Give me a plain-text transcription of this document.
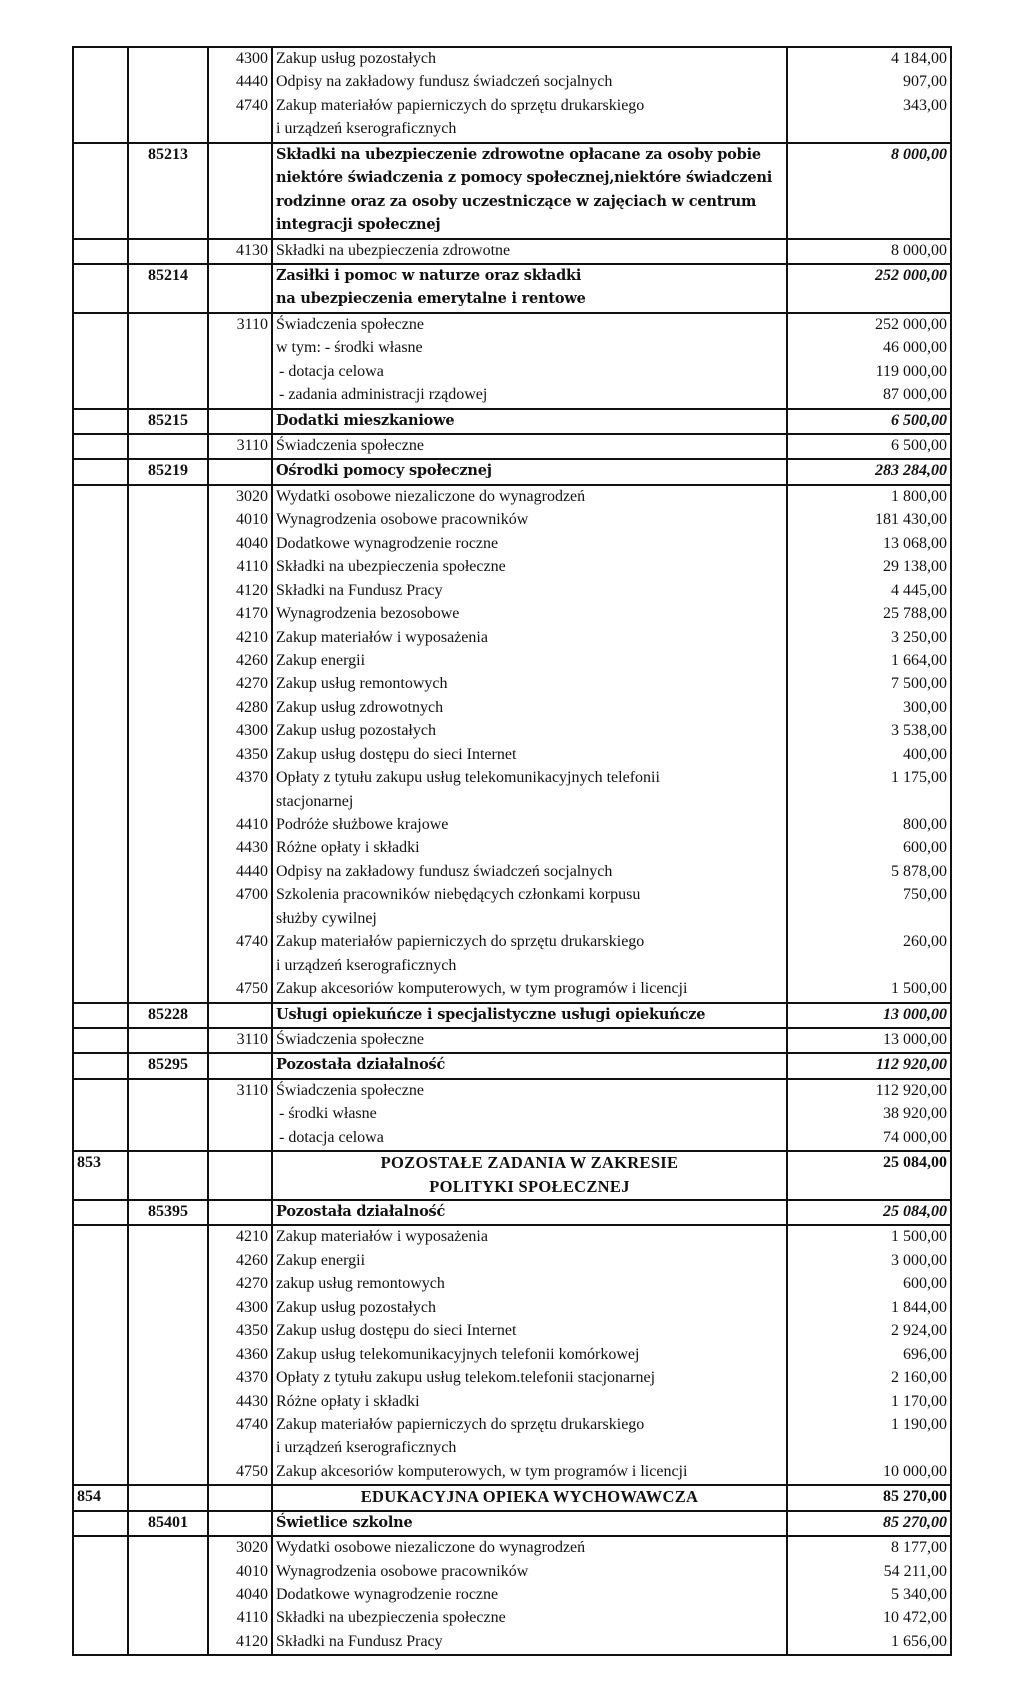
		4300	Zakup usług pozostałych	4 184,00
		4440	Odpisy na zakładowy fundusz świadczeń socjalnych	907,00
		4740	Zakup materiałów papierniczych do sprzętu drukarskiego	343,00
			i urządzeń kserograficznych	
	85213		Składki na ubezpieczenie zdrowotne opłacane za osoby pobie	8 000,00
			niektóre świadczenia z pomocy społecznej,niektóre świadczeni	
			rodzinne oraz za osoby uczestniczące w zajęciach w centrum	
			integracji społecznej	
		4130	Składki na ubezpieczenia zdrowotne	8 000,00
	85214		Zasiłki i pomoc w naturze oraz składki	252 000,00
			na ubezpieczenia emerytalne i rentowe	
		3110	Świadczenia społeczne	252 000,00
			w tym: - środki własne	46 000,00
			- dotacja celowa	119 000,00
			- zadania administracji rządowej	87 000,00
	85215		Dodatki mieszkaniowe	6 500,00
		3110	Świadczenia społeczne	6 500,00
	85219		Ośrodki pomocy społecznej	283 284,00
		3020	Wydatki osobowe niezaliczone do wynagrodzeń	1 800,00
		4010	Wynagrodzenia osobowe pracowników	181 430,00
		4040	Dodatkowe wynagrodzenie roczne	13 068,00
		4110	Składki na ubezpieczenia społeczne	29 138,00
		4120	Składki na Fundusz Pracy	4 445,00
		4170	Wynagrodzenia bezosobowe	25 788,00
		4210	Zakup materiałów i wyposażenia	3 250,00
		4260	Zakup energii	1 664,00
		4270	Zakup usług remontowych	7 500,00
		4280	Zakup usług zdrowotnych	300,00
		4300	Zakup usług pozostałych	3 538,00
		4350	Zakup usług dostępu do sieci Internet	400,00
		4370	Opłaty z tytułu zakupu usług telekomunikacyjnych telefonii	1 175,00
			stacjonarnej	
		4410	Podróże służbowe krajowe	800,00
		4430	Różne opłaty i składki	600,00
		4440	Odpisy na zakładowy fundusz świadczeń socjalnych	5 878,00
		4700	Szkolenia pracowników niebędących członkami korpusu	750,00
			służby cywilnej	
		4740	Zakup materiałów papierniczych do sprzętu drukarskiego	260,00
			i urządzeń kserograficznych	
		4750	Zakup akcesoriów komputerowych, w tym programów i licencji	1 500,00
	85228		Usługi opiekuńcze i specjalistyczne usługi opiekuńcze	13 000,00
		3110	Świadczenia społeczne	13 000,00
	85295		Pozostała działalność	112 920,00
		3110	Świadczenia społeczne	112 920,00
			- środki własne	38 920,00
			- dotacja celowa	74 000,00
853			POZOSTAŁE ZADANIA W ZAKRESIE	25 084,00
			POLITYKI SPOŁECZNEJ	
	85395		Pozostała działalność	25 084,00
		4210	Zakup materiałów i wyposażenia	1 500,00
		4260	Zakup energii	3 000,00
		4270	zakup usług remontowych	600,00
		4300	Zakup usług pozostałych	1 844,00
		4350	Zakup usług dostępu do sieci Internet	2 924,00
		4360	Zakup usług telekomunikacyjnych telefonii komórkowej	696,00
		4370	Opłaty z tytułu zakupu usług telekom.telefonii stacjonarnej	2 160,00
		4430	Różne opłaty i składki	1 170,00
		4740	Zakup materiałów papierniczych do sprzętu drukarskiego	1 190,00
			i urządzeń kserograficznych	
		4750	Zakup akcesoriów komputerowych, w tym programów i licencji	10 000,00
854			EDUKACYJNA OPIEKA WYCHOWAWCZA	85 270,00
	85401		Świetlice szkolne	85 270,00
		3020	Wydatki osobowe niezaliczone do wynagrodzeń	8 177,00
		4010	Wynagrodzenia osobowe pracowników	54 211,00
		4040	Dodatkowe wynagrodzenie roczne	5 340,00
		4110	Składki na ubezpieczenia społeczne	10 472,00
		4120	Składki na Fundusz Pracy	1 656,00
